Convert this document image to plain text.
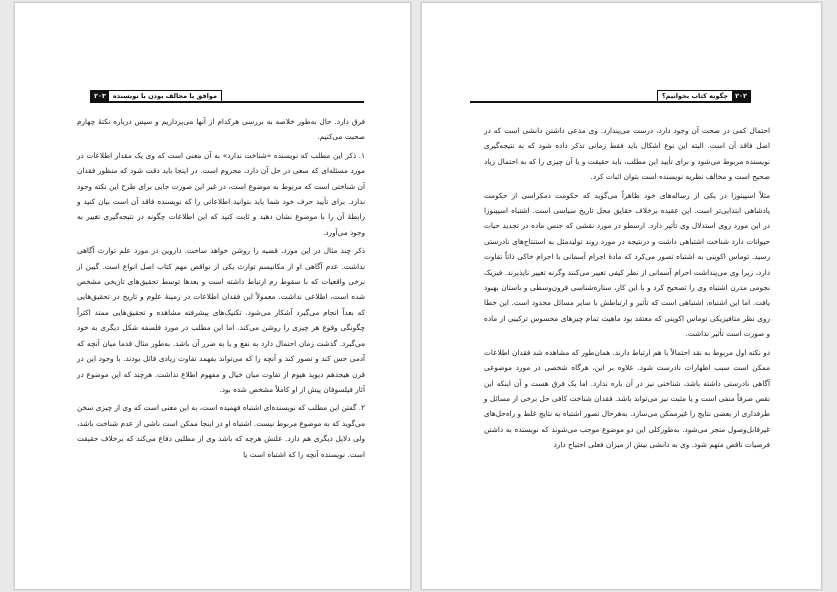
موافق یا مخالف بودن با نویسنده
۲۰۳

فرق دارد. حال به‌طور خلاصه به بررسی هرکدام از آنها می‌پردازیم و سپس درباره نکتهٔ چهارم صحبت می‌کنیم.

۱. ذکر این مطلب که نویسنده «شناخت ندارد» به آن معنی است که وی یک مقدار اطلاعات در مورد مسئله‌ای که سعی در حل آن دارد، محروم است. در اینجا باید دقت شود که منظور فقدان آن شناختی است که مربوط به موضوع است، در غیر این صورت جایی برای طرح این نکته وجود ندارد. برای تأیید حرف خود شما باید بتوانید اطلاعاتی را که نویسنده فاقد آن است بیان کنید و رابطهٔ آن را با موضوع نشان دهید و ثابت کنید که این اطلاعات چگونه در نتیجه‌گیری تغییر به وجود می‌آورد.

ذکر چند مثال در این مورد، قضیه را روشن خواهد ساخت. داروین در مورد علم توارث آگاهی نداشت. عدم آگاهی او از مکانیسم توارث یکی از نواقص مهم کتاب اصل انواع است. گیبن از برخی واقعیات که با سقوط رم ارتباط داشته است و بعدها توسط تحقیق‌های تاریخی مشخص شده است، اطلاعی نداشت. معمولاً این فقدان اطلاعات در زمینهٔ علوم و تاریخ در تحقیق‌هایی که بعداً انجام می‌گیرد آشکار می‌شود. تکنیک‌های پیشرفته مشاهده و تحقیق‌هایی ممتد اکثراً چگونگی وقوع هر چیزی را روشن می‌کند. اما این مطلب در مورد فلسفه شکل دیگری به خود می‌گیرد. گذشت زمان احتمال دارد به نفع و یا به ضرر آن باشد. به‌طور مثال قدما میان آنچه که آدمی حس کند و تصور کند و آنچه را که می‌تواند بفهمد تفاوت زیادی قائل بودند. با وجود این در قرن هیجدهم دیوید هیوم از تفاوت میان خیال و مفهوم اطلاع نداشت. هرچند که این موضوع در آثار فیلسوفان پیش از او کاملاً مشخص شده بود.

۲. گفتن این مطلب که نویسنده‌ای اشتباه فهمیده است، به این معنی است که وی از چیزی سخن می‌گوید که به موضوع مربوط نیست. اشتباه او در اینجا ممکن است ناشی از عدم شناخت باشد، ولی دلایل دیگری هم دارد. علتش هرچه که باشد وی از مطلبی دفاع می‌کند که برخلاف حقیقت است. نویسنده آنچه را که اشتباه است یا

۲۰۲
چگونه کتاب بخوانیم؟

احتمال کمی در صحت آن وجود دارد، درست می‌پندارد. وی مدعی داشتن دانشی است که در اصل فاقد آن است. البته این نوع اشکال باید فقط زمانی تذکر داده شود که به نتیجه‌گیری نویسنده مربوط می‌شود و برای تأیید این مطلب، باید حقیقت و یا آن چیزی را که به احتمال زیاد صحیح است و مخالف نظریه نویسنده است بتوان اثبات کرد.

مثلاً اسپینوزا در یکی از رساله‌های خود ظاهراً می‌گوید که حکومت دمکراسی از حکومت پادشاهی ابتدایی‌تر است. این عقیده برخلاف حقایق محل تاریخ سیاسی است. اشتباه اسپینوزا در این مورد روی استدلال وی تأثیر دارد. ارسطو در مورد نقشی که جنس ماده در تجدید حیات حیوانات دارد شناخت اشتباهی داشت و درنتیجه در مورد روند تولیدمثل به استنتاج‌های نادرستی رسید. توماس اکوینی به اشتباه تصور می‌کرد که مادهٔ اجرام آسمانی با اجرام خاکی ذاتاً تفاوت دارد، زیرا وی می‌پنداشت اجرام آسمانی از نظر کیفی تغییر می‌کنند وگرنه تغییر ناپذیرند. فیزیک نجومی مدرن اشتباه وی را تصحیح کرد و با این کار، ستاره‌شناسی قرون‌وسطی و باستان بهبود یافت. اما این اشتباه، اشتباهی است که تأثیر و ارتباطش با سایر مسائل محدود است. این خطا روی نظر متافیزیکی توماس اکوینی که معتقد بود ماهیت تمام چیزهای محسوس ترکیبی از ماده و صورت است تأثیر نداشت.

دو نکته اول مربوط به نقد احتمالاً با هم ارتباط دارند. همان‌طور که مشاهده شد فقدان اطلاعات ممکن است سبب اظهارات نادرست شود. علاوه بر این، هرگاه شخصی در مورد موضوعی آگاهی نادرستی داشته باشد، شناختی نیز در آن باره ندارد. اما یک فرق هست و آن اینکه این نقص صرفاً منفی است و یا مثبت نیز می‌تواند باشد. فقدان شناخت کافی حل برخی از مسائل و طرفداری از بعضی نتایج را غیرممکن می‌سازد. به‌هرحال تصور اشتباه به نتایج غلط و راه‌حل‌های غیرقابل‌وصول منجر می‌شود. به‌طورکلی این دو موضوع موجب می‌شوند که نویسنده به داشتن فرضیات ناقص متهم شود. وی به دانشی بیش از میزان فعلی احتیاج دارد
